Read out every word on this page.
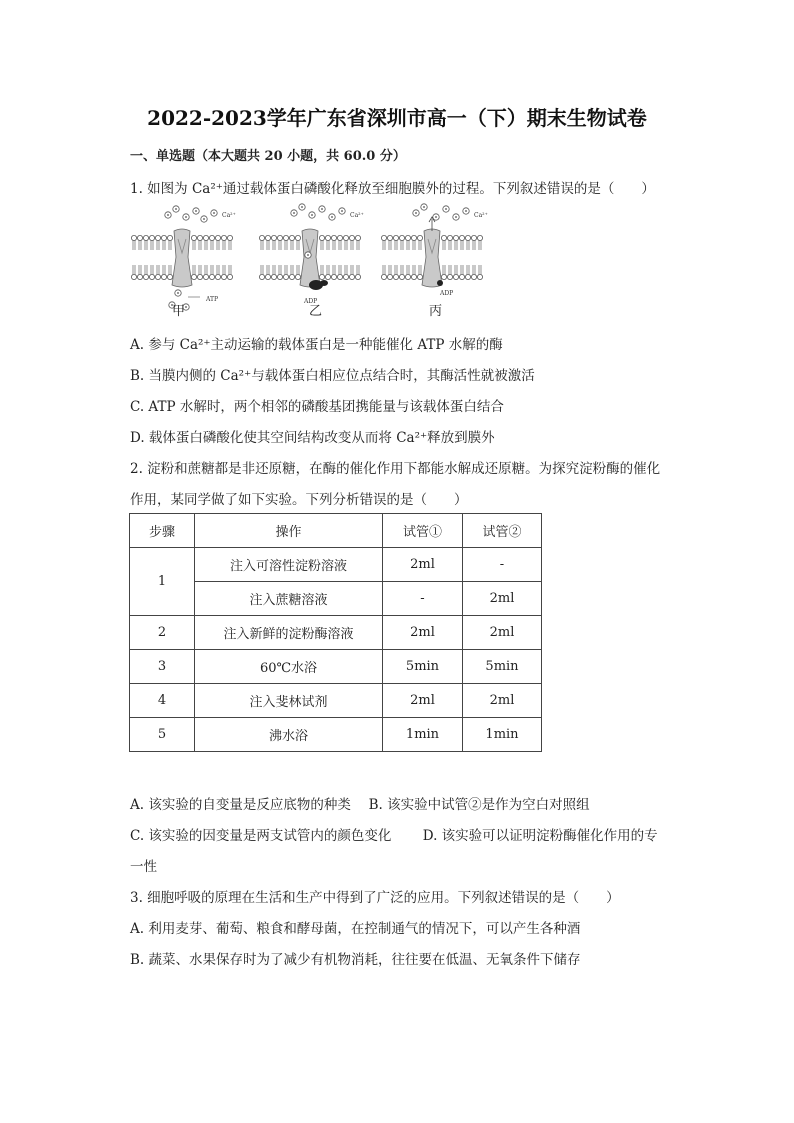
2022-2023学年广东省深圳市高一（下）期末生物试卷
一、单选题（本大题共 20 小题，共 60.0 分）
1. 如图为 Ca²⁺通过载体蛋白磷酸化释放至细胞膜外的过程。下列叙述错误的是（　　）
ATP
Ca²⁺
ADP
Ca²⁺
ADP
Ca²⁺
甲	乙	丙
A. 参与 Ca²⁺主动运输的载体蛋白是一种能催化 ATP 水解的酶
B. 当膜内侧的 Ca²⁺与载体蛋白相应位点结合时，其酶活性就被激活
C. ATP 水解时，两个相邻的磷酸基团携能量与该载体蛋白结合
D. 载体蛋白磷酸化使其空间结构改变从而将 Ca²⁺释放到膜外
2. 淀粉和蔗糖都是非还原糖，在酶的催化作用下都能水解成还原糖。为探究淀粉酶的催化
作用，某同学做了如下实验。下列分析错误的是（　　）
步骤	操作	试管①	试管②
1	注入可溶性淀粉溶液	2ml	-
	注入蔗糖溶液	-	2ml
2	注入新鲜的淀粉酶溶液	2ml	2ml
3	60℃水浴	5min	5min
4	注入斐林试剂	2ml	2ml
5	沸水浴	1min	1min
A. 该实验的自变量是反应底物的种类　 B. 该实验中试管②是作为空白对照组
C. 该实验的因变量是两支试管内的颜色变化　　 D. 该实验可以证明淀粉酶催化作用的专
一性
3. 细胞呼吸的原理在生活和生产中得到了广泛的应用。下列叙述错误的是（　　）
A. 利用麦芽、葡萄、粮食和酵母菌，在控制通气的情况下，可以产生各种酒
B. 蔬菜、水果保存时为了减少有机物消耗，往往要在低温、无氧条件下储存
